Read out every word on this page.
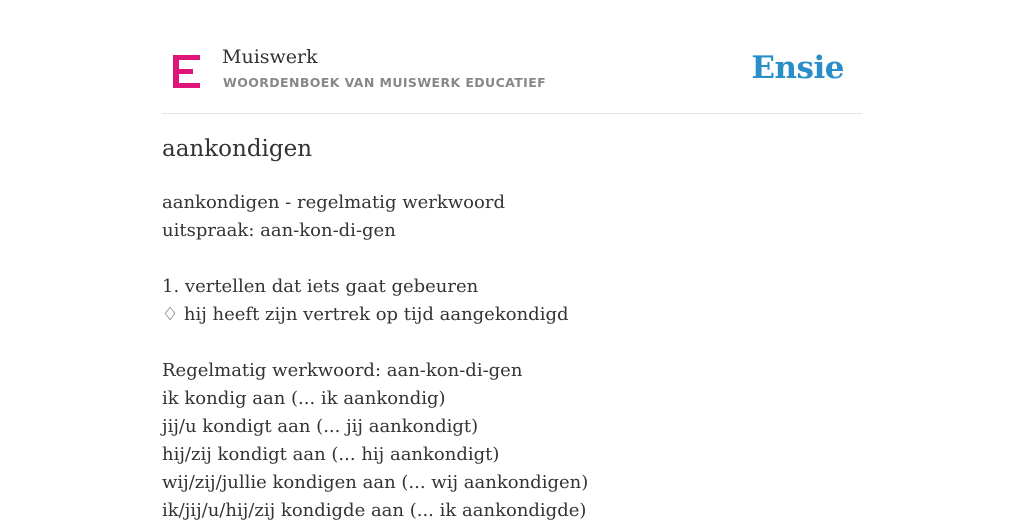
Muiswerk
WOORDENBOEK VAN MUISWERK EDUCATIEF	Ensie
aankondigen
aankondigen - regelmatig werkwoord
uitspraak: aan-kon-di-gen
1. vertellen dat iets gaat gebeuren
♢ hij heeft zijn vertrek op tijd aangekondigd
Regelmatig werkwoord: aan-kon-di-gen
ik kondig aan (... ik aankondig)
jij/u kondigt aan (... jij aankondigt)
hij/zij kondigt aan (... hij aankondigt)
wij/zij/jullie kondigen aan (... wij aankondigen)
ik/jij/u/hij/zij kondigde aan (... ik aankondigde)
